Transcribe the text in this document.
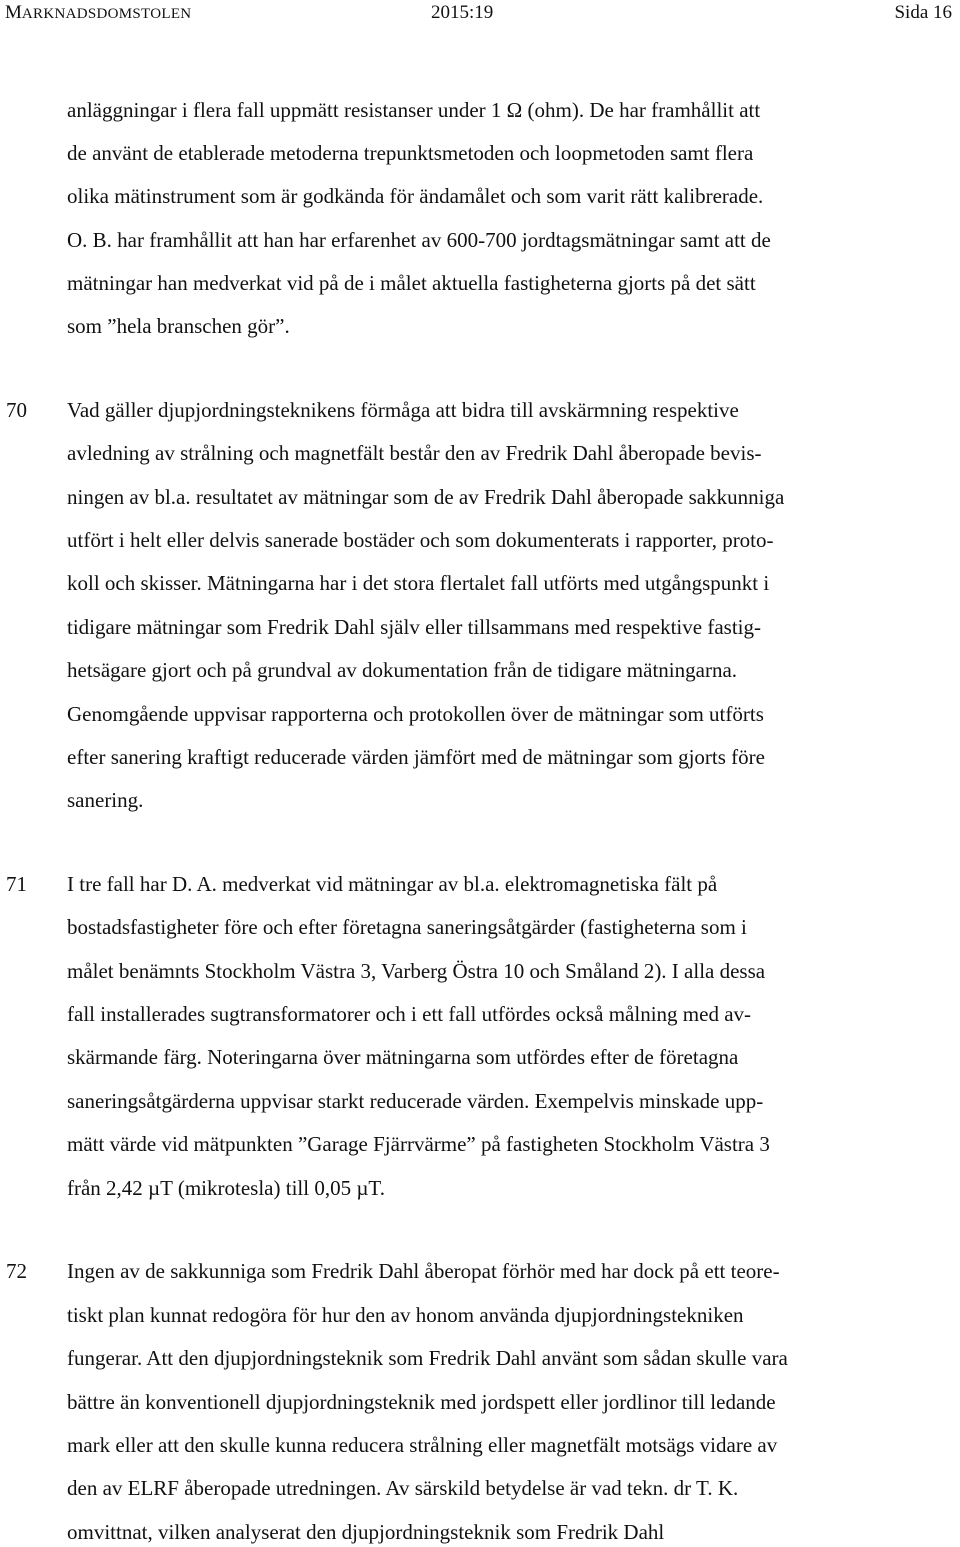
MARKNADSDOMSTOLEN	2015:19	Sida 16
anläggningar i flera fall uppmätt resistanser under 1 Ω (ohm). De har framhållit att
de använt de etablerade metoderna trepunktsmetoden och loopmetoden samt flera
olika mätinstrument som är godkända för ändamålet och som varit rätt kalibrerade.
O. B. har framhållit att han har erfarenhet av 600-700 jordtagsmätningar samt att de
mätningar han medverkat vid på de i målet aktuella fastigheterna gjorts på det sätt
som ”hela branschen gör”.
70 Vad gäller djupjordningsteknikens förmåga att bidra till avskärmning respektive
avledning av strålning och magnetfält består den av Fredrik Dahl åberopade bevis-
ningen av bl.a. resultatet av mätningar som de av Fredrik Dahl åberopade sakkunniga
utfört i helt eller delvis sanerade bostäder och som dokumenterats i rapporter, proto-
koll och skisser. Mätningarna har i det stora flertalet fall utförts med utgångspunkt i
tidigare mätningar som Fredrik Dahl själv eller tillsammans med respektive fastig-
hetsägare gjort och på grundval av dokumentation från de tidigare mätningarna.
Genomgående uppvisar rapporterna och protokollen över de mätningar som utförts
efter sanering kraftigt reducerade värden jämfört med de mätningar som gjorts före
sanering.
71 I tre fall har D. A. medverkat vid mätningar av bl.a. elektromagnetiska fält på
bostadsfastigheter före och efter företagna saneringsåtgärder (fastigheterna som i
målet benämnts Stockholm Västra 3, Varberg Östra 10 och Småland 2). I alla dessa
fall installerades sugtransformatorer och i ett fall utfördes också målning med av-
skärmande färg. Noteringarna över mätningarna som utfördes efter de företagna
saneringsåtgärderna uppvisar starkt reducerade värden. Exempelvis minskade upp-
mätt värde vid mätpunkten ”Garage Fjärrvärme” på fastigheten Stockholm Västra 3
från 2,42 µT (mikrotesla) till 0,05 µT.
72 Ingen av de sakkunniga som Fredrik Dahl åberopat förhör med har dock på ett teore-
tiskt plan kunnat redogöra för hur den av honom använda djupjordningstekniken
fungerar. Att den djupjordningsteknik som Fredrik Dahl använt som sådan skulle vara
bättre än konventionell djupjordningsteknik med jordspett eller jordlinor till ledande
mark eller att den skulle kunna reducera strålning eller magnetfält motsägs vidare av
den av ELRF åberopade utredningen. Av särskild betydelse är vad tekn. dr T. K.
omvittnat, vilken analyserat den djupjordningsteknik som Fredrik Dahl
